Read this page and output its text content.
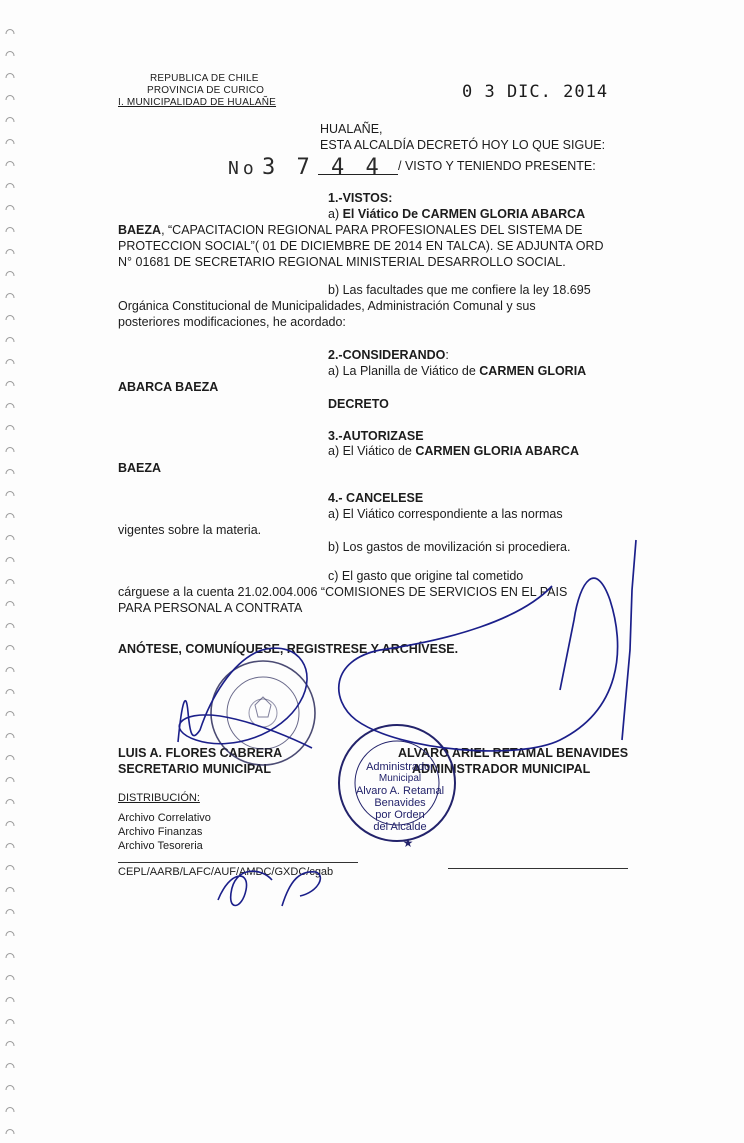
REPUBLICA DE CHILE
PROVINCIA DE CURICO
I. MUNICIPALIDAD DE HUALAÑE
0 3 DIC. 2014
HUALAÑE,
ESTA ALCALDÍA DECRETÓ HOY LO QUE SIGUE:
No 3 7 4 4 / VISTO Y TENIENDO PRESENTE:
1.-VISTOS:
a) El Viático De CARMEN GLORIA ABARCA
BAEZA, “CAPACITACION REGIONAL PARA PROFESIONALES DEL SISTEMA DE
PROTECCION SOCIAL”( 01 DE DICIEMBRE DE 2014 EN TALCA). SE ADJUNTA ORD
N° 01681 DE SECRETARIO REGIONAL MINISTERIAL DESARROLLO SOCIAL.
b) Las facultades que me confiere la ley 18.695
Orgánica Constitucional de Municipalidades, Administración Comunal y sus
posteriores modificaciones, he acordado:
2.-CONSIDERANDO:
a) La Planilla de Viático de CARMEN GLORIA
ABARCA BAEZA
DECRETO
3.-AUTORIZASE
a) El Viático de CARMEN GLORIA ABARCA
BAEZA
4.- CANCELESE
a) El Viático correspondiente a las normas
vigentes sobre la materia.
b) Los gastos de movilización si procediera.
c) El gasto que origine tal cometido
cárguese a la cuenta 21.02.004.006 “COMISIONES DE SERVICIOS EN EL PAIS
PARA PERSONAL A CONTRATA
ANÓTESE, COMUNÍQUESE, REGISTRESE Y ARCHÍVESE.
LUIS A. FLORES CABRERA
SECRETARIO MUNICIPAL
ALVARO ARIEL RETAMAL BENAVIDES
ADMINISTRADOR MUNICIPAL
DISTRIBUCIÓN:
Archivo Correlativo
Archivo Finanzas
Archivo Tesoreria
CEPL/AARB/LAFC/AUF/AMDC/GXDC/cgab
Administrador
Municipal
Alvaro A. Retamal
Benavides
por Orden
del Alcalde
★
